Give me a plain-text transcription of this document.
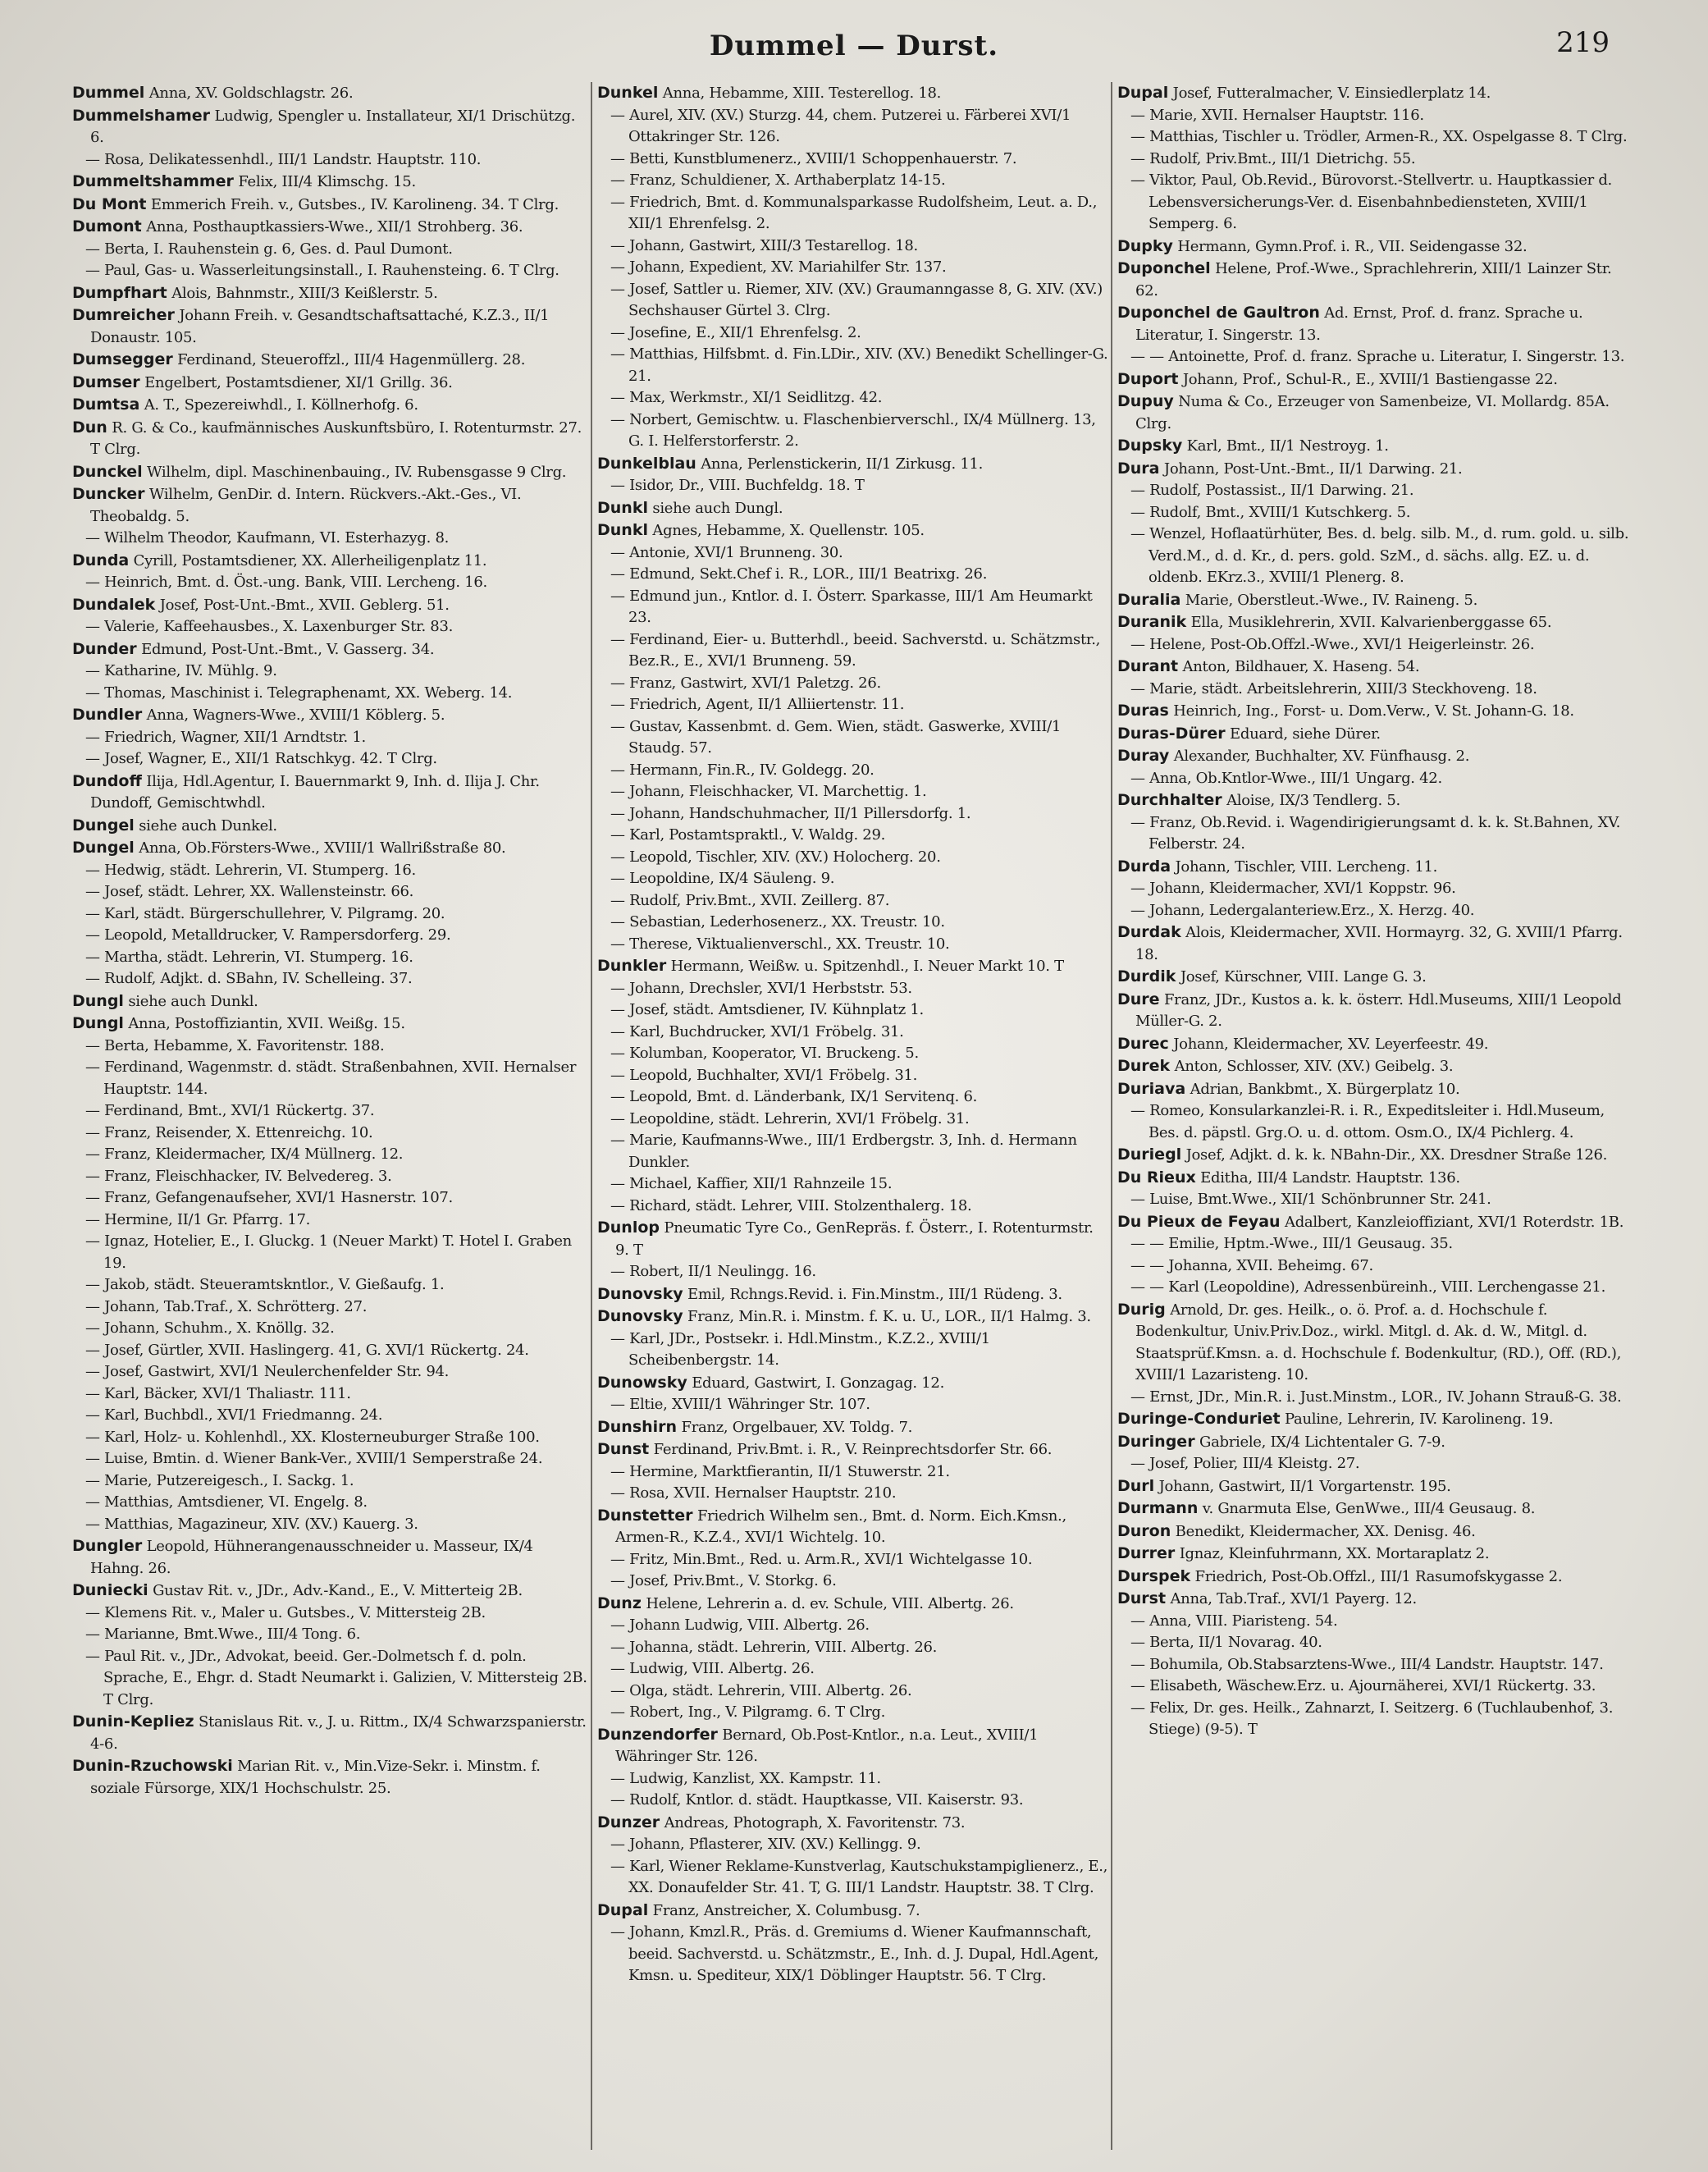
Dummel — Durst.	219
Dummel Anna, XV. Goldschlagstr. 26.
Dummelshamer Ludwig, Spengler u. Installateur, XI/1 Drischützg. 6.
— Rosa, Delikatessenhdl., III/1 Landstr. Hauptstr. 110.
Dummeltshammer Felix, III/4 Klimschg. 15.
Du Mont Emmerich Freih. v., Gutsbes., IV. Karolineng. 34. T Clrg.
Dumont Anna, Posthauptkassiers-Wwe., XII/1 Strohberg. 36.
— Berta, I. Rauhenstein g. 6, Ges. d. Paul Dumont.
— Paul, Gas- u. Wasserleitungsinstall., I. Rauhensteing. 6. T Clrg.
Dumpfhart Alois, Bahnmstr., XIII/3 Keißlerstr. 5.
Dumreicher Johann Freih. v. Gesandtschaftsattaché, K.Z.3., II/1 Donaustr. 105.
Dumsegger Ferdinand, Steueroffzl., III/4 Hagenmüllerg. 28.
Dumser Engelbert, Postamtsdiener, XI/1 Grillg. 36.
Dumtsa A. T., Spezereiwhdl., I. Köllnerhofg. 6.
Dun R. G. & Co., kaufmännisches Auskunftsbüro, I. Rotenturmstr. 27. T Clrg.
Dunckel Wilhelm, dipl. Maschinenbauing., IV. Rubensgasse 9 Clrg.
Duncker Wilhelm, GenDir. d. Intern. Rückvers.-Akt.-Ges., VI. Theobaldg. 5.
— Wilhelm Theodor, Kaufmann, VI. Esterhazyg. 8.
Dunda Cyrill, Postamtsdiener, XX. Allerheiligenplatz 11.
— Heinrich, Bmt. d. Öst.-ung. Bank, VIII. Lercheng. 16.
Dundalek Josef, Post-Unt.-Bmt., XVII. Geblerg. 51.
— Valerie, Kaffeehausbes., X. Laxenburger Str. 83.
Dunder Edmund, Post-Unt.-Bmt., V. Gasserg. 34.
— Katharine, IV. Mühlg. 9.
— Thomas, Maschinist i. Telegraphenamt, XX. Weberg. 14.
Dundler Anna, Wagners-Wwe., XVIII/1 Köblerg. 5.
— Friedrich, Wagner, XII/1 Arndtstr. 1.
— Josef, Wagner, E., XII/1 Ratschkyg. 42. T Clrg.
Dundoff Ilija, Hdl.Agentur, I. Bauernmarkt 9, Inh. d. Ilija J. Chr. Dundoff, Gemischtwhdl.
Dungel siehe auch Dunkel.
Dungel Anna, Ob.Försters-Wwe., XVIII/1 Wallrißstraße 80.
— Hedwig, städt. Lehrerin, VI. Stumperg. 16.
— Josef, städt. Lehrer, XX. Wallensteinstr. 66.
— Karl, städt. Bürgerschullehrer, V. Pilgramg. 20.
— Leopold, Metalldrucker, V. Rampersdorferg. 29.
— Martha, städt. Lehrerin, VI. Stumperg. 16.
— Rudolf, Adjkt. d. SBahn, IV. Schelleing. 37.
Dungl siehe auch Dunkl.
Dungl Anna, Postoffiziantin, XVII. Weißg. 15.
— Berta, Hebamme, X. Favoritenstr. 188.
— Ferdinand, Wagenmstr. d. städt. Straßenbahnen, XVII. Hernalser Hauptstr. 144.
— Ferdinand, Bmt., XVI/1 Rückertg. 37.
— Franz, Reisender, X. Ettenreichg. 10.
— Franz, Kleidermacher, IX/4 Müllnerg. 12.
— Franz, Fleischhacker, IV. Belvedereg. 3.
— Franz, Gefangenaufseher, XVI/1 Hasnerstr. 107.
— Hermine, II/1 Gr. Pfarrg. 17.
— Ignaz, Hotelier, E., I. Gluckg. 1 (Neuer Markt) T. Hotel I. Graben 19.
— Jakob, städt. Steueramtskntlor., V. Gießaufg. 1.
— Johann, Tab.Traf., X. Schrötterg. 27.
— Johann, Schuhm., X. Knöllg. 32.
— Josef, Gürtler, XVII. Haslingerg. 41, G. XVI/1 Rückertg. 24.
— Josef, Gastwirt, XVI/1 Neulerchenfelder Str. 94.
— Karl, Bäcker, XVI/1 Thaliastr. 111.
— Karl, Buchbdl., XVI/1 Friedmanng. 24.
— Karl, Holz- u. Kohlenhdl., XX. Klosterneuburger Straße 100.
— Luise, Bmtin. d. Wiener Bank-Ver., XVIII/1 Semperstraße 24.
— Marie, Putzereigesch., I. Sackg. 1.
— Matthias, Amtsdiener, VI. Engelg. 8.
— Matthias, Magazineur, XIV. (XV.) Kauerg. 3.
Dungler Leopold, Hühnerangenausschneider u. Masseur, IX/4 Hahng. 26.
Duniecki Gustav Rit. v., JDr., Adv.-Kand., E., V. Mitterteig 2B.
— Klemens Rit. v., Maler u. Gutsbes., V. Mittersteig 2B.
— Marianne, Bmt.Wwe., III/4 Tong. 6.
— Paul Rit. v., JDr., Advokat, beeid. Ger.-Dolmetsch f. d. poln. Sprache, E., Ehgr. d. Stadt Neumarkt i. Galizien, V. Mittersteig 2B. T Clrg.
Dunin-Kepliez Stanislaus Rit. v., J. u. Rittm., IX/4 Schwarzspanierstr. 4-6.
Dunin-Rzuchowski Marian Rit. v., Min.Vize-Sekr. i. Minstm. f. soziale Fürsorge, XIX/1 Hochschulstr. 25.
Dunkel Anna, Hebamme, XIII. Testerellog. 18.
— Aurel, XIV. (XV.) Sturzg. 44, chem. Putzerei u. Färberei XVI/1 Ottakringer Str. 126.
— Betti, Kunstblumenerz., XVIII/1 Schoppenhauerstr. 7.
— Franz, Schuldiener, X. Arthaberplatz 14-15.
— Friedrich, Bmt. d. Kommunalsparkasse Rudolfsheim, Leut. a. D., XII/1 Ehrenfelsg. 2.
— Johann, Gastwirt, XIII/3 Testarellog. 18.
— Johann, Expedient, XV. Mariahilfer Str. 137.
— Josef, Sattler u. Riemer, XIV. (XV.) Graumanngasse 8, G. XIV. (XV.) Sechshauser Gürtel 3. Clrg.
— Josefine, E., XII/1 Ehrenfelsg. 2.
— Matthias, Hilfsbmt. d. Fin.LDir., XIV. (XV.) Benedikt Schellinger-G. 21.
— Max, Werkmstr., XI/1 Seidlitzg. 42.
— Norbert, Gemischtw. u. Flaschenbierverschl., IX/4 Müllnerg. 13, G. I. Helferstorferstr. 2.
Dunkelblau Anna, Perlenstickerin, II/1 Zirkusg. 11.
— Isidor, Dr., VIII. Buchfeldg. 18. T
Dunkl siehe auch Dungl.
Dunkl Agnes, Hebamme, X. Quellenstr. 105.
— Antonie, XVI/1 Brunneng. 30.
— Edmund, Sekt.Chef i. R., LOR., III/1 Beatrixg. 26.
— Edmund jun., Kntlor. d. I. Österr. Sparkasse, III/1 Am Heumarkt 23.
— Ferdinand, Eier- u. Butterhdl., beeid. Sachverstd. u. Schätzmstr., Bez.R., E., XVI/1 Brunneng. 59.
— Franz, Gastwirt, XVI/1 Paletzg. 26.
— Friedrich, Agent, II/1 Alliiertenstr. 11.
— Gustav, Kassenbmt. d. Gem. Wien, städt. Gaswerke, XVIII/1 Staudg. 57.
— Hermann, Fin.R., IV. Goldegg. 20.
— Johann, Fleischhacker, VI. Marchettig. 1.
— Johann, Handschuhmacher, II/1 Pillersdorfg. 1.
— Karl, Postamtspraktl., V. Waldg. 29.
— Leopold, Tischler, XIV. (XV.) Holocherg. 20.
— Leopoldine, IX/4 Säuleng. 9.
— Rudolf, Priv.Bmt., XVII. Zeillerg. 87.
— Sebastian, Lederhosenerz., XX. Treustr. 10.
— Therese, Viktualienverschl., XX. Treustr. 10.
Dunkler Hermann, Weißw. u. Spitzenhdl., I. Neuer Markt 10. T
— Johann, Drechsler, XVI/1 Herbststr. 53.
— Josef, städt. Amtsdiener, IV. Kühnplatz 1.
— Karl, Buchdrucker, XVI/1 Fröbelg. 31.
— Kolumban, Kooperator, VI. Bruckeng. 5.
— Leopold, Buchhalter, XVI/1 Fröbelg. 31.
— Leopold, Bmt. d. Länderbank, IX/1 Servitenq. 6.
— Leopoldine, städt. Lehrerin, XVI/1 Fröbelg. 31.
— Marie, Kaufmanns-Wwe., III/1 Erdbergstr. 3, Inh. d. Hermann Dunkler.
— Michael, Kaffier, XII/1 Rahnzeile 15.
— Richard, städt. Lehrer, VIII. Stolzenthalerg. 18.
Dunlop Pneumatic Tyre Co., GenRepräs. f. Österr., I. Rotenturmstr. 9. T
— Robert, II/1 Neulingg. 16.
Dunovsky Emil, Rchngs.Revid. i. Fin.Minstm., III/1 Rüdeng. 3.
Dunovsky Franz, Min.R. i. Minstm. f. K. u. U., LOR., II/1 Halmg. 3.
— Karl, JDr., Postsekr. i. Hdl.Minstm., K.Z.2., XVIII/1 Scheibenbergstr. 14.
Dunowsky Eduard, Gastwirt, I. Gonzagag. 12.
— Eltie, XVIII/1 Währinger Str. 107.
Dunshirn Franz, Orgelbauer, XV. Toldg. 7.
Dunst Ferdinand, Priv.Bmt. i. R., V. Reinprechtsdorfer Str. 66.
— Hermine, Marktfierantin, II/1 Stuwerstr. 21.
— Rosa, XVII. Hernalser Hauptstr. 210.
Dunstetter Friedrich Wilhelm sen., Bmt. d. Norm. Eich.Kmsn., Armen-R., K.Z.4., XVI/1 Wichtelg. 10.
— Fritz, Min.Bmt., Red. u. Arm.R., XVI/1 Wichtelgasse 10.
— Josef, Priv.Bmt., V. Storkg. 6.
Dunz Helene, Lehrerin a. d. ev. Schule, VIII. Albertg. 26.
— Johann Ludwig, VIII. Albertg. 26.
— Johanna, städt. Lehrerin, VIII. Albertg. 26.
— Ludwig, VIII. Albertg. 26.
— Olga, städt. Lehrerin, VIII. Albertg. 26.
— Robert, Ing., V. Pilgramg. 6. T Clrg.
Dunzendorfer Bernard, Ob.Post-Kntlor., n.a. Leut., XVIII/1 Währinger Str. 126.
— Ludwig, Kanzlist, XX. Kampstr. 11.
— Rudolf, Kntlor. d. städt. Hauptkasse, VII. Kaiserstr. 93.
Dunzer Andreas, Photograph, X. Favoritenstr. 73.
— Johann, Pflasterer, XIV. (XV.) Kellingg. 9.
— Karl, Wiener Reklame-Kunstverlag, Kautschukstampiglienerz., E., XX. Donaufelder Str. 41. T, G. III/1 Landstr. Hauptstr. 38. T Clrg.
Dupal Franz, Anstreicher, X. Columbusg. 7.
— Johann, Kmzl.R., Präs. d. Gremiums d. Wiener Kaufmannschaft, beeid. Sachverstd. u. Schätzmstr., E., Inh. d. J. Dupal, Hdl.Agent, Kmsn. u. Spediteur, XIX/1 Döblinger Hauptstr. 56. T Clrg.
Dupal Josef, Futteralmacher, V. Einsiedlerplatz 14.
— Marie, XVII. Hernalser Hauptstr. 116.
— Matthias, Tischler u. Trödler, Armen-R., XX. Ospelgasse 8. T Clrg.
— Rudolf, Priv.Bmt., III/1 Dietrichg. 55.
— Viktor, Paul, Ob.Revid., Bürovorst.-Stellvertr. u. Hauptkassier d. Lebensversicherungs-Ver. d. Eisenbahnbediensteten, XVIII/1 Semperg. 6.
Dupky Hermann, Gymn.Prof. i. R., VII. Seidengasse 32.
Duponchel Helene, Prof.-Wwe., Sprachlehrerin, XIII/1 Lainzer Str. 62.
Duponchel de Gaultron Ad. Ernst, Prof. d. franz. Sprache u. Literatur, I. Singerstr. 13.
— — Antoinette, Prof. d. franz. Sprache u. Literatur, I. Singerstr. 13.
Duport Johann, Prof., Schul-R., E., XVIII/1 Bastiengasse 22.
Dupuy Numa & Co., Erzeuger von Samenbeize, VI. Mollardg. 85A. Clrg.
Dupsky Karl, Bmt., II/1 Nestroyg. 1.
Dura Johann, Post-Unt.-Bmt., II/1 Darwing. 21.
— Rudolf, Postassist., II/1 Darwing. 21.
— Rudolf, Bmt., XVIII/1 Kutschkerg. 5.
— Wenzel, Hoflaatürhüter, Bes. d. belg. silb. M., d. rum. gold. u. silb. Verd.M., d. d. Kr., d. pers. gold. SzM., d. sächs. allg. EZ. u. d. oldenb. EKrz.3., XVIII/1 Plenerg. 8.
Duralia Marie, Oberstleut.-Wwe., IV. Raineng. 5.
Duranik Ella, Musiklehrerin, XVII. Kalvarienberggasse 65.
— Helene, Post-Ob.Offzl.-Wwe., XVI/1 Heigerleinstr. 26.
Durant Anton, Bildhauer, X. Haseng. 54.
— Marie, städt. Arbeitslehrerin, XIII/3 Steckhoveng. 18.
Duras Heinrich, Ing., Forst- u. Dom.Verw., V. St. Johann-G. 18.
Duras-Dürer Eduard, siehe Dürer.
Duray Alexander, Buchhalter, XV. Fünfhausg. 2.
— Anna, Ob.Kntlor-Wwe., III/1 Ungarg. 42.
Durchhalter Aloise, IX/3 Tendlerg. 5.
— Franz, Ob.Revid. i. Wagendirigierungsamt d. k. k. St.Bahnen, XV. Felberstr. 24.
Durda Johann, Tischler, VIII. Lercheng. 11.
— Johann, Kleidermacher, XVI/1 Koppstr. 96.
— Johann, Ledergalanteriew.Erz., X. Herzg. 40.
Durdak Alois, Kleidermacher, XVII. Hormayrg. 32, G. XVIII/1 Pfarrg. 18.
Durdik Josef, Kürschner, VIII. Lange G. 3.
Dure Franz, JDr., Kustos a. k. k. österr. Hdl.Museums, XIII/1 Leopold Müller-G. 2.
Durec Johann, Kleidermacher, XV. Leyerfeestr. 49.
Durek Anton, Schlosser, XIV. (XV.) Geibelg. 3.
Duriava Adrian, Bankbmt., X. Bürgerplatz 10.
— Romeo, Konsularkanzlei-R. i. R., Expeditsleiter i. Hdl.Museum, Bes. d. päpstl. Grg.O. u. d. ottom. Osm.O., IX/4 Pichlerg. 4.
Duriegl Josef, Adjkt. d. k. k. NBahn-Dir., XX. Dresdner Straße 126.
Du Rieux Editha, III/4 Landstr. Hauptstr. 136.
— Luise, Bmt.Wwe., XII/1 Schönbrunner Str. 241.
Du Pieux de Feyau Adalbert, Kanzleioffiziant, XVI/1 Roterdstr. 1B.
— — Emilie, Hptm.-Wwe., III/1 Geusaug. 35.
— — Johanna, XVII. Beheimg. 67.
— — Karl (Leopoldine), Adressenbüreinh., VIII. Lerchengasse 21.
Durig Arnold, Dr. ges. Heilk., o. ö. Prof. a. d. Hochschule f. Bodenkultur, Univ.Priv.Doz., wirkl. Mitgl. d. Ak. d. W., Mitgl. d. Staatsprüf.Kmsn. a. d. Hochschule f. Bodenkultur, (RD.), Off. (RD.), XVIII/1 Lazaristeng. 10.
— Ernst, JDr., Min.R. i. Just.Minstm., LOR., IV. Johann Strauß-G. 38.
Duringe-Conduriet Pauline, Lehrerin, IV. Karolineng. 19.
Duringer Gabriele, IX/4 Lichtentaler G. 7-9.
— Josef, Polier, III/4 Kleistg. 27.
Durl Johann, Gastwirt, II/1 Vorgartenstr. 195.
Durmann v. Gnarmuta Else, GenWwe., III/4 Geusaug. 8.
Duron Benedikt, Kleidermacher, XX. Denisg. 46.
Durrer Ignaz, Kleinfuhrmann, XX. Mortaraplatz 2.
Durspek Friedrich, Post-Ob.Offzl., III/1 Rasumofskygasse 2.
Durst Anna, Tab.Traf., XVI/1 Payerg. 12.
— Anna, VIII. Piaristeng. 54.
— Berta, II/1 Novarag. 40.
— Bohumila, Ob.Stabsarztens-Wwe., III/4 Landstr. Hauptstr. 147.
— Elisabeth, Wäschew.Erz. u. Ajournäherei, XVI/1 Rückertg. 33.
— Felix, Dr. ges. Heilk., Zahnarzt, I. Seitzerg. 6 (Tuchlaubenhof, 3. Stiege) (9-5). T
